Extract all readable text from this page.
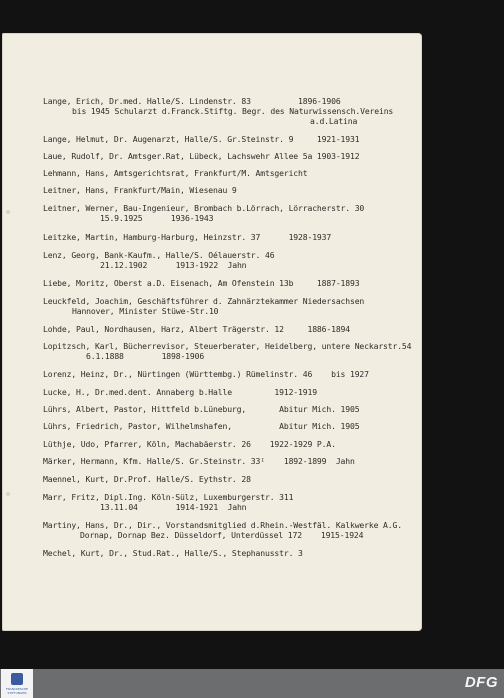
Lange, Erich, Dr.med. Halle/S. Lindenstr. 83          1896-1906
bis 1945 Schularzt d.Franck.Stiftg. Begr. des Naturwissensch.Vereins
a.d.Latina
Lange, Helmut, Dr. Augenarzt, Halle/S. Gr.Steinstr. 9     1921-1931
Laue, Rudolf, Dr. Amtsger.Rat, Lübeck, Lachswehr Allee 5a 1903-1912
Lehmann, Hans, Amtsgerichtsrat, Frankfurt/M. Amtsgericht
Leitner, Hans, Frankfurt/Main, Wiesenau 9
Leitner, Werner, Bau-Ingenieur, Brombach b.Lörrach, Lörracherstr. 30
15.9.1925      1936-1943
Leitzke, Martin, Hamburg-Harburg, Heinzstr. 37      1928-1937
Lenz, Georg, Bank-Kaufm., Halle/S. Oélauerstr. 46
21.12.1902      1913-1922  Jahn
Liebe, Moritz, Oberst a.D. Eisenach, Am Ofenstein 13b     1887-1893
Leuckfeld, Joachim, Geschäftsführer d. Zahnärztekammer Niedersachsen
Hannover, Minister Stüwe-Str.10
Lohde, Paul, Nordhausen, Harz, Albert Trägerstr. 12     1886-1894
Lopitzsch, Karl, Bücherrevisor, Steuerberater, Heidelberg, untere Neckarstr.54
6.1.1888        1898-1906
Lorenz, Heinz, Dr., Nürtingen (Württembg.) Rümelinstr. 46    bis 1927
Lucke, H., Dr.med.dent. Annaberg b.Halle         1912-1919
Lührs, Albert, Pastor, Hittfeld b.Lüneburg,       Abitur Mich. 1905
Lührs, Friedrich, Pastor, Wilhelmshafen,          Abitur Mich. 1905
Lüthje, Udo, Pfarrer, Köln, Machabäerstr. 26    1922-1929 P.A.
Märker, Hermann, Kfm. Halle/S. Gr.Steinstr. 33ᴵ    1892-1899  Jahn
Maennel, Kurt, Dr.Prof. Halle/S. Eythstr. 28
Marr, Fritz, Dipl.Ing. Köln-Sülz, Luxemburgerstr. 311
13.11.04        1914-1921  Jahn
Martiny, Hans, Dr., Dir., Vorstandsmitglied d.Rhein.-Westfäl. Kalkwerke A.G.
Dornap, Dornap Bez. Düsseldorf, Unterdüssel 172    1915-1924
Mechel, Kurt, Dr., Stud.Rat., Halle/S., Stephanusstr. 3
FRANCKESCHE STIFTUNGEN
DFG
